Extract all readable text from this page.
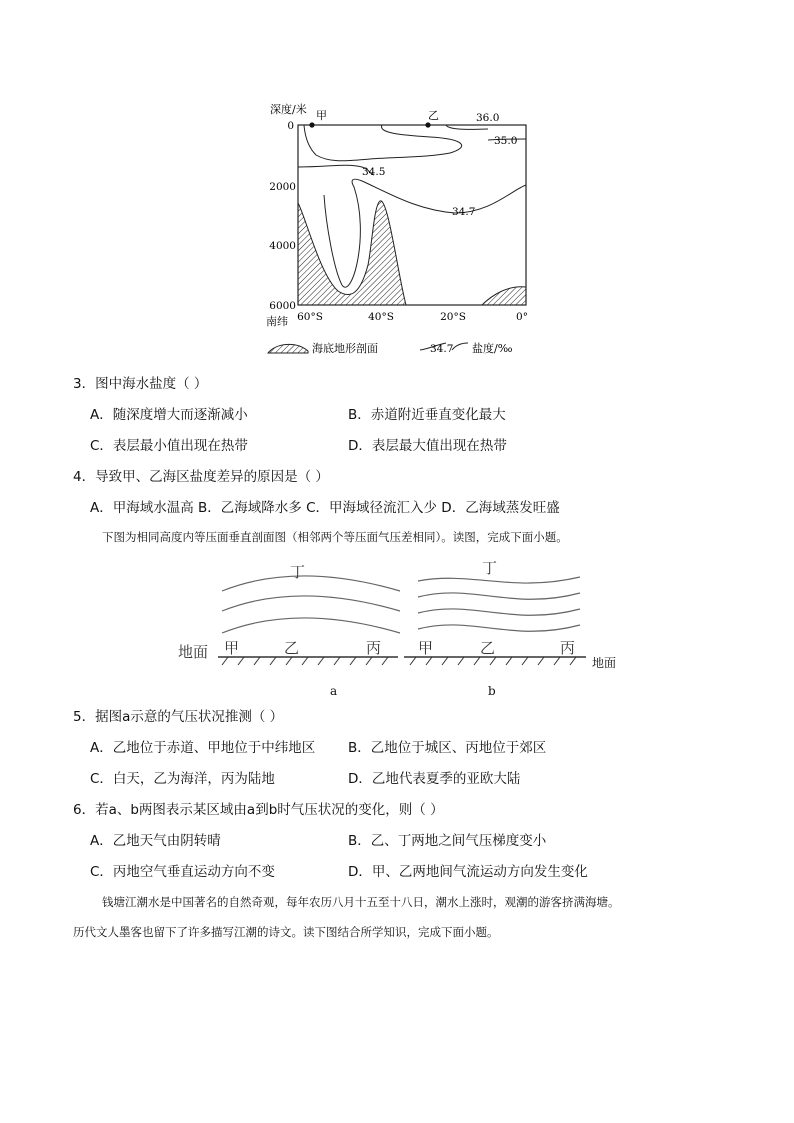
深度/米
0
2000
4000
6000
南纬 60°S	40°S	20°S	0°
甲	乙	36.0
35.0
34.5
34.7
海底地形剖面	34.7 盐度/‰
3．图中海水盐度（ ）
A．随深度增大而逐渐减小	B．赤道附近垂直变化最大
C．表层最小值出现在热带	D．表层最大值出现在热带
4．导致甲、乙海区盐度差异的原因是（ ）
A．甲海域水温高 B．乙海域降水多 C．甲海域径流汇入少 D．乙海域蒸发旺盛
下图为相同高度内等压面垂直剖面图（相邻两个等压面气压差相同）。读图，完成下面小题。
丁	丁
地面 甲	乙	丙 甲	乙	丙
地面
a	b
5．据图a示意的气压状况推测（ ）
A．乙地位于赤道、甲地位于中纬地区 B．乙地位于城区、丙地位于郊区
C．白天，乙为海洋，丙为陆地	D．乙地代表夏季的亚欧大陆
6．若a、b两图表示某区域由a到b时气压状况的变化，则（ ）
A．乙地天气由阴转晴	B．乙、丁两地之间气压梯度变小
C．丙地空气垂直运动方向不变	D．甲、乙两地间气流运动方向发生变化
钱塘江潮水是中国著名的自然奇观，每年农历八月十五至十八日，潮水上涨时，观潮的游客挤满海塘。
历代文人墨客也留下了许多描写江潮的诗文。读下图结合所学知识，完成下面小题。
